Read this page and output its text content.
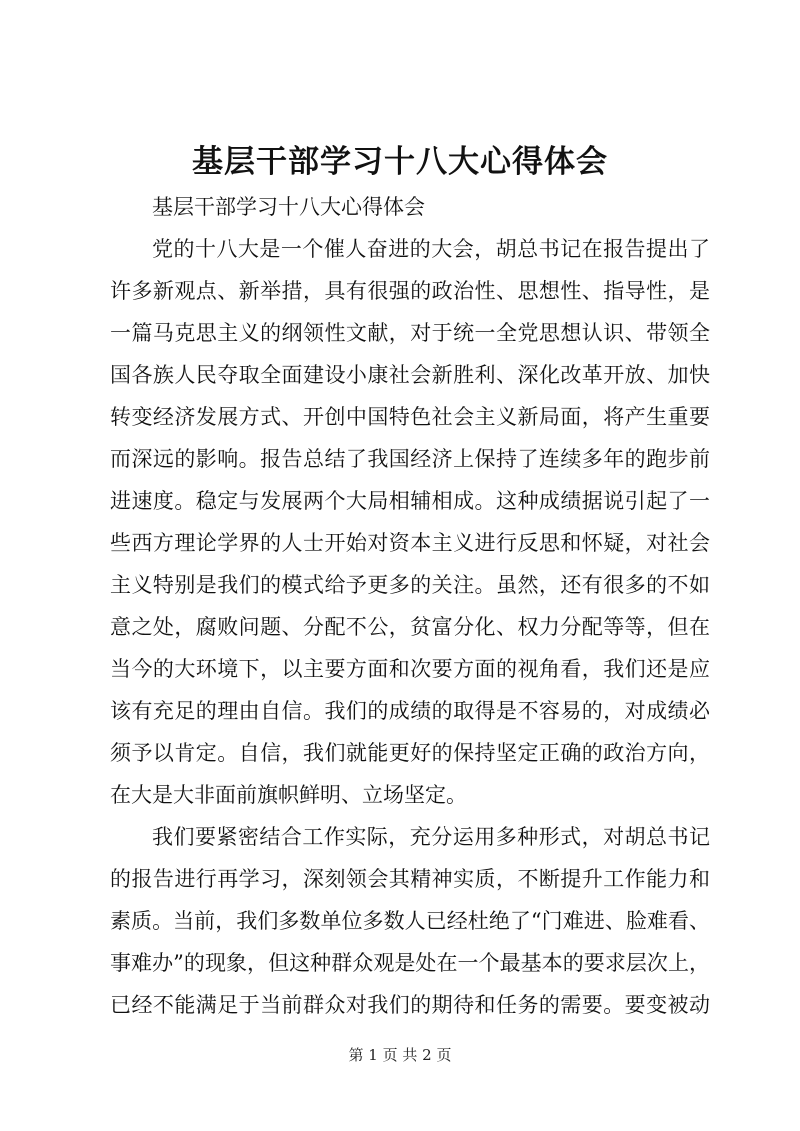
基层干部学习十八大心得体会
基层干部学习十八大心得体会
党的十八大是一个催人奋进的大会，胡总书记在报告提出了
许多新观点、新举措，具有很强的政治性、思想性、指导性，是
一篇马克思主义的纲领性文献，对于统一全党思想认识、带领全
国各族人民夺取全面建设小康社会新胜利、深化改革开放、加快
转变经济发展方式、开创中国特色社会主义新局面，将产生重要
而深远的影响。报告总结了我国经济上保持了连续多年的跑步前
进速度。稳定与发展两个大局相辅相成。这种成绩据说引起了一
些西方理论学界的人士开始对资本主义进行反思和怀疑，对社会
主义特别是我们的模式给予更多的关注。虽然，还有很多的不如
意之处，腐败问题、分配不公，贫富分化、权力分配等等，但在
当今的大环境下，以主要方面和次要方面的视角看，我们还是应
该有充足的理由自信。我们的成绩的取得是不容易的，对成绩必
须予以肯定。自信，我们就能更好的保持坚定正确的政治方向，
在大是大非面前旗帜鲜明、立场坚定。
我们要紧密结合工作实际，充分运用多种形式，对胡总书记
的报告进行再学习，深刻领会其精神实质，不断提升工作能力和
素质。当前，我们多数单位多数人已经杜绝了“门难进、脸难看、
事难办”的现象，但这种群众观是处在一个最基本的要求层次上，
已经不能满足于当前群众对我们的期待和任务的需要。要变被动
第 1 页 共 2 页
